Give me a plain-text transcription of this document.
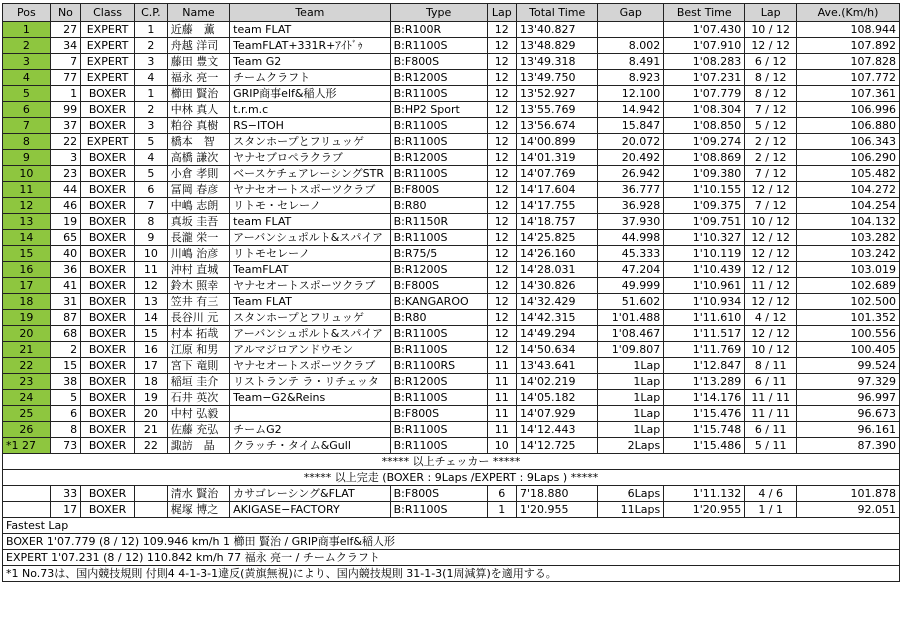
Pos	No	Class	C.P.	Name	Team	Type	Lap	Total Time	Gap	Best Time	Lap	Ave.(Km/h)
1	27	EXPERT	1	近藤　薫	team FLAT	B:R100R	12	13'40.827		1'07.430	10 / 12	108.944
2	34	EXPERT	2	舟越 洋司	TeamFLAT+331R+ｱｲﾄﾞｩ	B:R1100S	12	13'48.829	8.002	1'07.910	12 / 12	107.892
3	7	EXPERT	3	藤田 豊文	Team G2	B:F800S	12	13'49.318	8.491	1'08.283	6 / 12	107.828
4	77	EXPERT	4	福永 亮一	チームクラフト	B:R1200S	12	13'49.750	8.923	1'07.231	8 / 12	107.772
5	1	BOXER	1	櫛田 賢治	GRIP商事elf&稲人形	B:R1100S	12	13'52.927	12.100	1'07.779	8 / 12	107.361
6	99	BOXER	2	中林 真人	t.r.m.c	B:HP2 Sport	12	13'55.769	14.942	1'08.304	7 / 12	106.996
7	37	BOXER	3	粕谷 真樹	RS−ITOH	B:R1100S	12	13'56.674	15.847	1'08.850	5 / 12	106.880
8	22	EXPERT	5	橋本　智	スタンホープとフリュッゲ	B:R1100S	12	14'00.899	20.072	1'09.274	2 / 12	106.343
9	3	BOXER	4	高橋 謙次	ヤナセブロペラクラブ	B:R1200S	12	14'01.319	20.492	1'08.869	2 / 12	106.290
10	23	BOXER	5	小倉 孝則	ベースケチェアレーシングSTR	B:R1100S	12	14'07.769	26.942	1'09.380	7 / 12	105.482
11	44	BOXER	6	冨岡 春彦	ヤナセオートスポーツクラブ	B:F800S	12	14'17.604	36.777	1'10.155	12 / 12	104.272
12	46	BOXER	7	中嶋 志朗	リトモ・セレーノ	B:R80	12	14'17.755	36.928	1'09.375	7 / 12	104.254
13	19	BOXER	8	真坂 圭吾	team FLAT	B:R1150R	12	14'18.757	37.930	1'09.751	10 / 12	104.132
14	65	BOXER	9	長瀧 栄一	アーバンシュポルト&スパイア	B:R1100S	12	14'25.825	44.998	1'10.327	12 / 12	103.282
15	40	BOXER	10	川嶋 治彦	リトモセレーノ	B:R75/5	12	14'26.160	45.333	1'10.119	12 / 12	103.242
16	36	BOXER	11	沖村 直城	TeamFLAT	B:R1200S	12	14'28.031	47.204	1'10.439	12 / 12	103.019
17	41	BOXER	12	鈴木 照幸	ヤナセオートスポーツクラブ	B:F800S	12	14'30.826	49.999	1'10.961	11 / 12	102.689
18	31	BOXER	13	笠井 有三	Team FLAT	B:KANGAROO	12	14'32.429	51.602	1'10.934	12 / 12	102.500
19	87	BOXER	14	長谷川 元	スタンホープとフリュッゲ	B:R80	12	14'42.315	1'01.488	1'11.610	4 / 12	101.352
20	68	BOXER	15	村本 拓哉	アーバンシュポルト&スパイア	B:R1100S	12	14'49.294	1'08.467	1'11.517	12 / 12	100.556
21	2	BOXER	16	江原 和男	アルマジロアンドウモン	B:R1100S	12	14'50.634	1'09.807	1'11.769	10 / 12	100.405
22	15	BOXER	17	宮下 竜則	ヤナセオートスポーツクラブ	B:R1100RS	11	13'43.641	1Lap	1'12.847	8 / 11	99.524
23	38	BOXER	18	稲垣 圭介	リストランテ ラ・リチェッタ	B:R1200S	11	14'02.219	1Lap	1'13.289	6 / 11	97.329
24	5	BOXER	19	石井 英次	Team−G2&Reins	B:R1100S	11	14'05.182	1Lap	1'14.176	11 / 11	96.997
25	6	BOXER	20	中村 弘毅		B:F800S	11	14'07.929	1Lap	1'15.476	11 / 11	96.673
26	8	BOXER	21	佐藤 充弘	チームG2	B:R1100S	11	14'12.443	1Lap	1'15.748	6 / 11	96.161
*1 27	73	BOXER	22	諏訪　晶	クラッチ・タイム&Gull	B:R1100S	10	14'12.725	2Laps	1'15.486	5 / 11	87.390
***** 以上チェッカー *****												
***** 以上完走 (BOXER : 9Laps /EXPERT : 9Laps ) *****												
	33	BOXER		清水 賢治	カサゴレーシング&FLAT	B:F800S	6	7'18.880	6Laps	1'11.132	4 / 6	101.878
	17	BOXER		梶塚 博之	AKIGASE−FACTORY	B:R1100S	1	1'20.955	11Laps	1'20.955	1 / 1	92.051
Fastest Lap												
BOXER 1'07.779 (8 / 12) 109.946 km/h 1 櫛田 賢治 / GRIP商事elf&稲人形												
EXPERT 1'07.231 (8 / 12) 110.842 km/h 77 福永 亮一 / チームクラフト												
*1 No.73は、国内競技規則 付則4 4-1-3-1違反(黄旗無視)により、国内競技規則 31-1-3(1周減算)を適用する。												
